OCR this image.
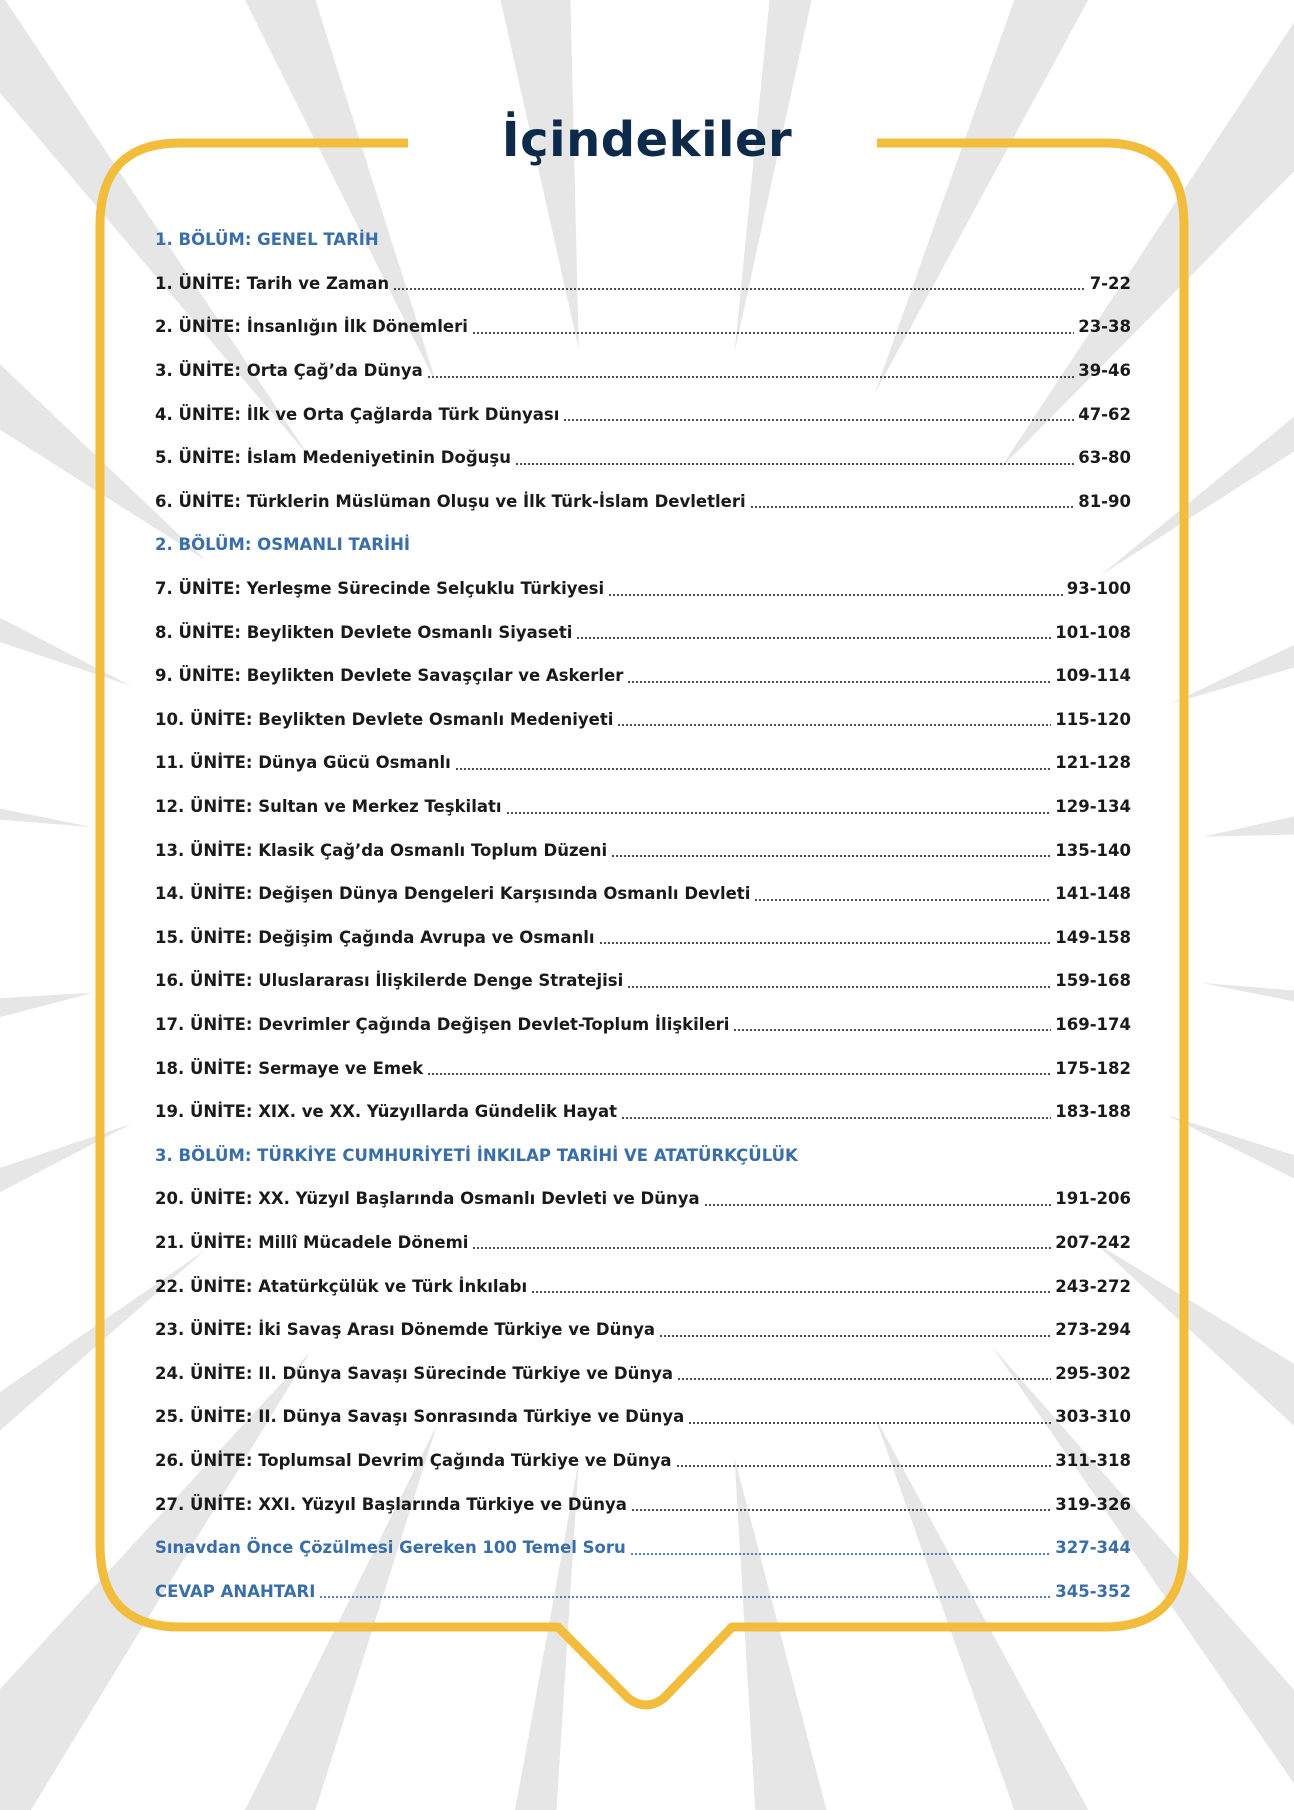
İçindekiler
1. BÖLÜM: GENEL TARİH
1. ÜNİTE: Tarih ve Zaman	7-22
2. ÜNİTE: İnsanlığın İlk Dönemleri	23-38
3. ÜNİTE: Orta Çağ’da Dünya	39-46
4. ÜNİTE: İlk ve Orta Çağlarda Türk Dünyası	47-62
5. ÜNİTE: İslam Medeniyetinin Doğuşu	63-80
6. ÜNİTE: Türklerin Müslüman Oluşu ve İlk Türk-İslam Devletleri	81-90
2. BÖLÜM: OSMANLI TARİHİ
7. ÜNİTE: Yerleşme Sürecinde Selçuklu Türkiyesi	93-100
8. ÜNİTE: Beylikten Devlete Osmanlı Siyaseti	101-108
9. ÜNİTE: Beylikten Devlete Savaşçılar ve Askerler	109-114
10. ÜNİTE: Beylikten Devlete Osmanlı Medeniyeti	115-120
11. ÜNİTE: Dünya Gücü Osmanlı	121-128
12. ÜNİTE: Sultan ve Merkez Teşkilatı	129-134
13. ÜNİTE: Klasik Çağ’da Osmanlı Toplum Düzeni	135-140
14. ÜNİTE: Değişen Dünya Dengeleri Karşısında Osmanlı Devleti	141-148
15. ÜNİTE: Değişim Çağında Avrupa ve Osmanlı	149-158
16. ÜNİTE: Uluslararası İlişkilerde Denge Stratejisi	159-168
17. ÜNİTE: Devrimler Çağında Değişen Devlet-Toplum İlişkileri	169-174
18. ÜNİTE: Sermaye ve Emek	175-182
19. ÜNİTE: XIX. ve XX. Yüzyıllarda Gündelik Hayat	183-188
3. BÖLÜM: TÜRKİYE CUMHURİYETİ İNKILAP TARİHİ VE ATATÜRKÇÜLÜK
20. ÜNİTE: XX. Yüzyıl Başlarında Osmanlı Devleti ve Dünya	191-206
21. ÜNİTE: Millî Mücadele Dönemi	207-242
22. ÜNİTE: Atatürkçülük ve Türk İnkılabı	243-272
23. ÜNİTE: İki Savaş Arası Dönemde Türkiye ve Dünya	273-294
24. ÜNİTE: II. Dünya Savaşı Sürecinde Türkiye ve Dünya	295-302
25. ÜNİTE: II. Dünya Savaşı Sonrasında Türkiye ve Dünya	303-310
26. ÜNİTE: Toplumsal Devrim Çağında Türkiye ve Dünya	311-318
27. ÜNİTE: XXI. Yüzyıl Başlarında Türkiye ve Dünya	319-326
Sınavdan Önce Çözülmesi Gereken 100 Temel Soru	327-344
CEVAP ANAHTARI	345-352
